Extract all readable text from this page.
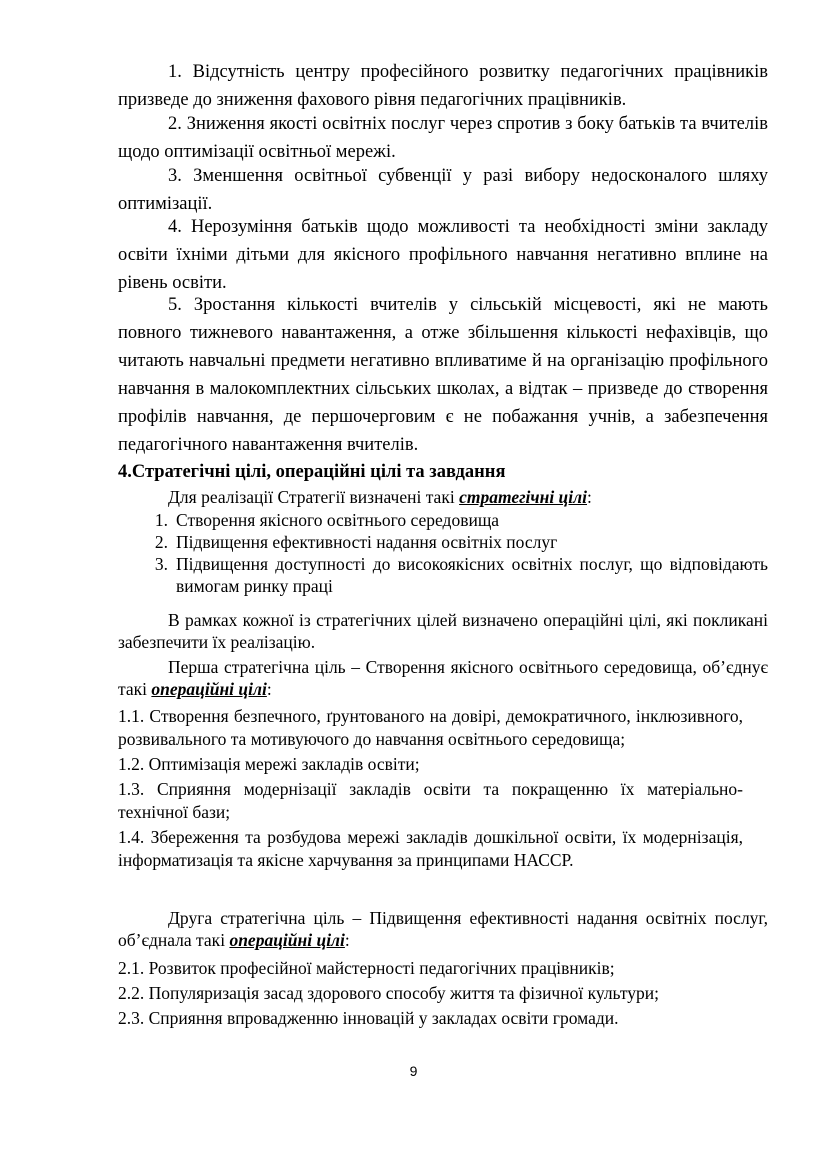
1. Відсутність центру професійного розвитку педагогічних працівників призведе до зниження фахового рівня педагогічних працівників.

2. Зниження якості освітніх послуг через спротив з боку батьків та вчителів щодо оптимізації освітньої мережі.

3. Зменшення освітньої субвенції у разі вибору недосконалого шляху оптимізації.

4. Нерозуміння батьків щодо можливості та необхідності зміни закладу освіти їхніми дітьми для якісного профільного навчання негативно вплине на рівень освіти.

5. Зростання кількості вчителів у сільській місцевості, які не мають повного тижневого навантаження, а отже збільшення кількості нефахівців, що читають навчальні предмети негативно впливатиме й на організацію профільного навчання в малокомплектних сільських школах, а відтак – призведе до створення профілів навчання, де першочерговим є не побажання учнів, а забезпечення педагогічного навантаження вчителів.

4.Стратегічні цілі, операційні цілі та завдання

Для реалізації Стратегії визначені такі стратегічні цілі:

1. Створення якісного освітнього середовища
2. Підвищення ефективності надання освітніх послуг
3. Підвищення доступності до високоякісних освітніх послуг, що відповідають вимогам ринку праці

В рамках кожної із стратегічних цілей визначено операційні цілі, які покликані забезпечити їх реалізацію.

Перша стратегічна ціль – Створення якісного освітнього середовища, об’єднує такі операційні цілі:

1.1. Створення безпечного, ґрунтованого на довірі, демократичного, інклюзивного, розвивального та мотивуючого до навчання освітнього середовища;

1.2. Оптимізація мережі закладів освіти;

1.3. Сприяння модернізації закладів освіти та покращенню їх матеріально-технічної бази;

1.4. Збереження та розбудова мережі закладів дошкільної освіти, їх модернізація, інформатизація та якісне харчування за принципами НАССР.

Друга стратегічна ціль – Підвищення ефективності надання освітніх послуг, об’єднала такі операційні цілі:

2.1. Розвиток професійної майстерності педагогічних працівників;

2.2. Популяризація засад здорового способу життя та фізичної культури;

2.3. Сприяння впровадженню інновацій у закладах освіти громади.

9
